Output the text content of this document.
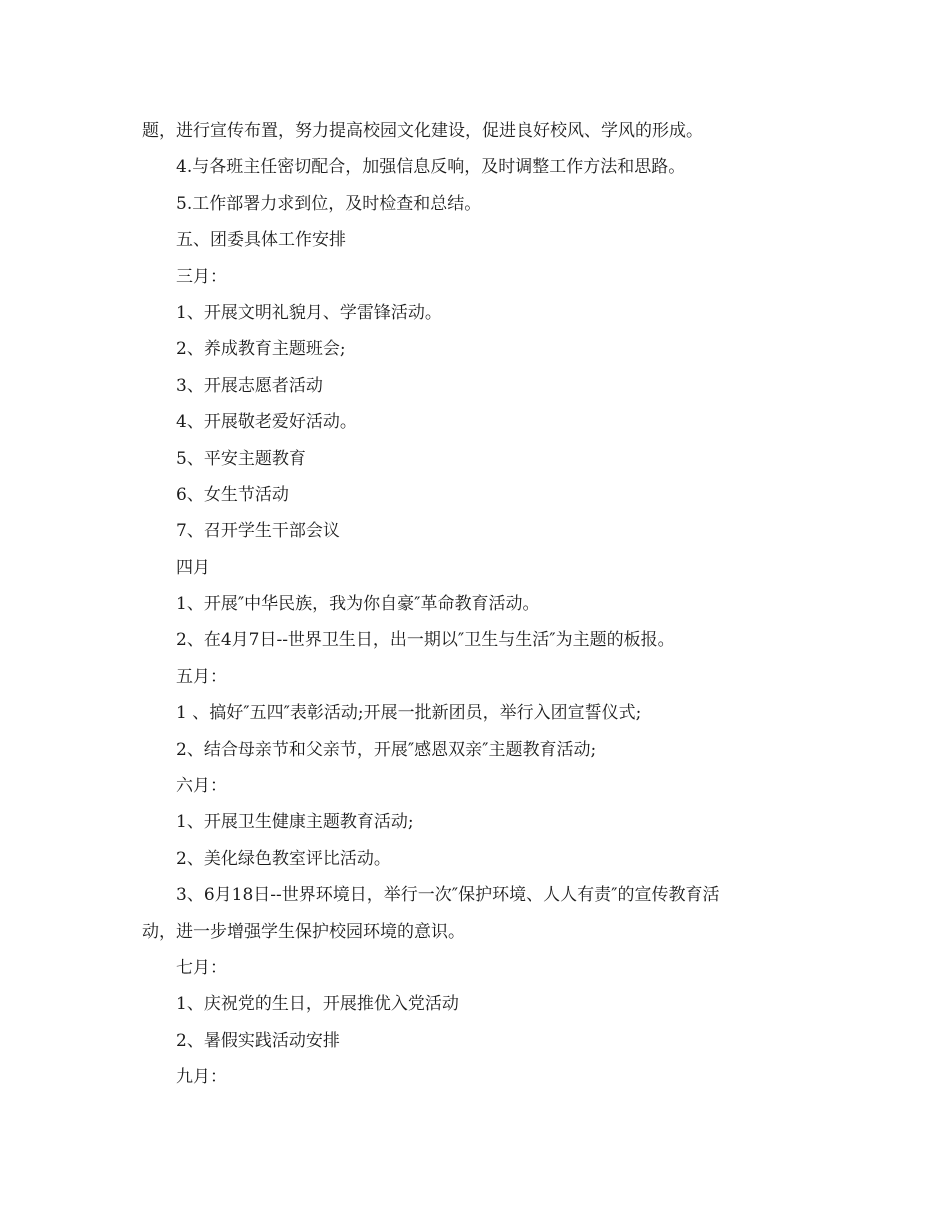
题，进行宣传布置，努力提高校园文化建设，促进良好校风、学风的形成。
4.与各班主任密切配合，加强信息反响，及时调整工作方法和思路。
5.工作部署力求到位，及时检查和总结。
五、团委具体工作安排
三月：
1、开展文明礼貌月、学雷锋活动。
2、养成教育主题班会;
3、开展志愿者活动
4、开展敬老爱好活动。
5、平安主题教育
6、女生节活动
7、召开学生干部会议
四月
1、开展″中华民族，我为你自豪″革命教育活动。
2、在4月7日--世界卫生日，出一期以″卫生与生活″为主题的板报。
五月：
1 、搞好″五四″表彰活动;开展一批新团员，举行入团宣誓仪式;
2、结合母亲节和父亲节，开展″感恩双亲″主题教育活动;
六月：
1、开展卫生健康主题教育活动;
2、美化绿色教室评比活动。
3、6月18日--世界环境日，举行一次″保护环境、人人有责″的宣传教育活
动，进一步增强学生保护校园环境的意识。
七月：
1、庆祝党的生日，开展推优入党活动
2、暑假实践活动安排
九月：
